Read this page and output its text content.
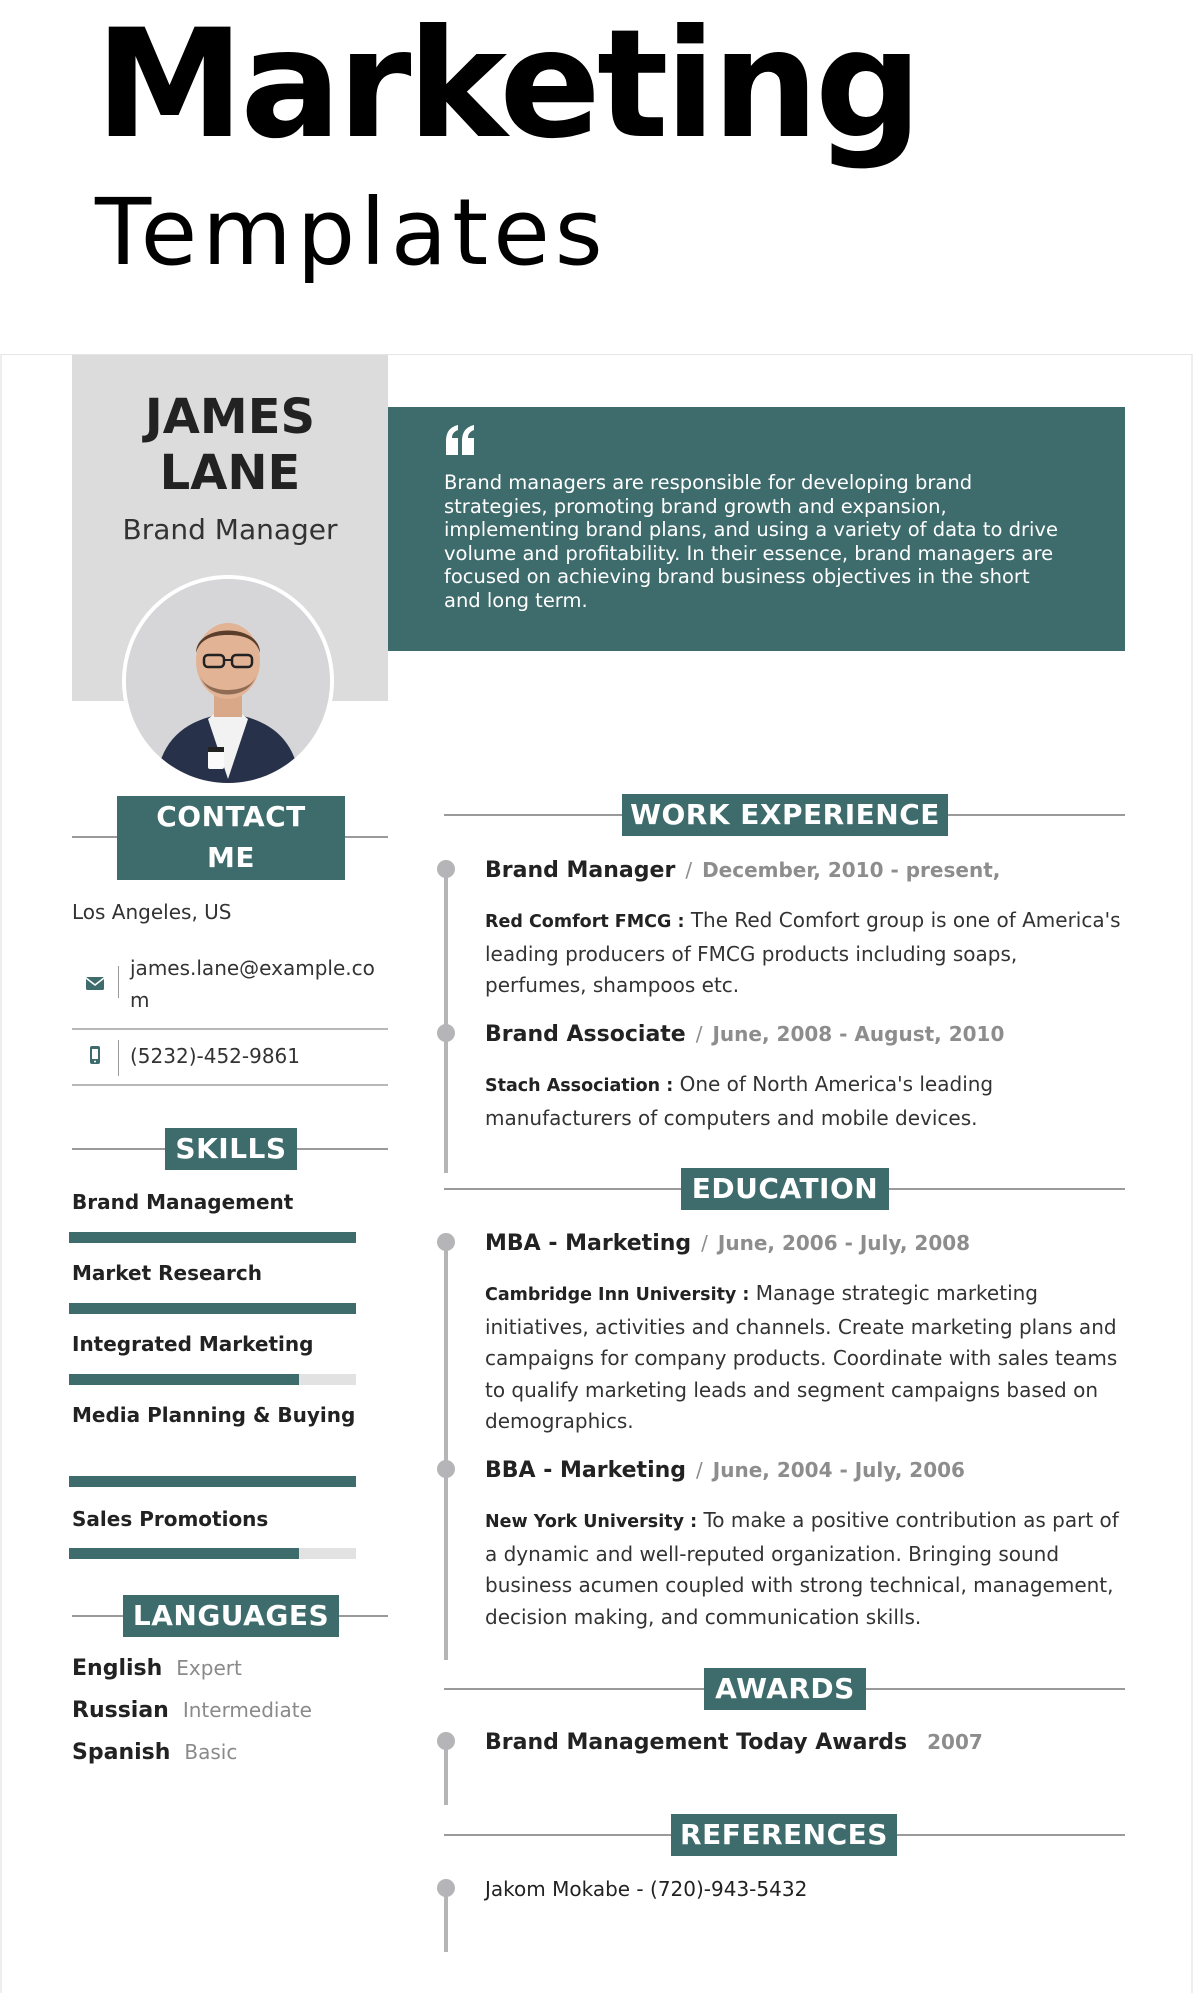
Marketing
Templates
JAMES
LANE
Brand Manager
Brand managers are responsible for developing brand strategies, promoting brand growth and expansion, implementing brand plans, and using a variety of data to drive volume and profitability. In their essence, brand managers are focused on achieving brand business objectives in the short and long term.
CONTACT
ME
Los Angeles, US
james.lane@example.com
(5232)-452-9861
SKILLS
Brand Management
Market Research
Integrated Marketing
Media Planning & Buying
Sales Promotions
LANGUAGES
English Expert
Russian Intermediate
Spanish Basic
WORK EXPERIENCE
Brand Manager / December, 2010 - present,
Red Comfort FMCG : The Red Comfort group is one of America's leading producers of FMCG products including soaps, perfumes, shampoos etc.
Brand Associate / June, 2008 - August, 2010
Stach Association : One of North America's leading manufacturers of computers and mobile devices.
EDUCATION
MBA - Marketing / June, 2006 - July, 2008
Cambridge Inn University : Manage strategic marketing initiatives, activities and channels. Create marketing plans and campaigns for company products. Coordinate with sales teams to qualify marketing leads and segment campaigns based on demographics.
BBA - Marketing / June, 2004 - July, 2006
New York University : To make a positive contribution as part of a dynamic and well-reputed organization. Bringing sound business acumen coupled with strong technical, management, decision making, and communication skills.
AWARDS
Brand Management Today Awards 2007
REFERENCES
Jakom Mokabe - (720)-943-5432
